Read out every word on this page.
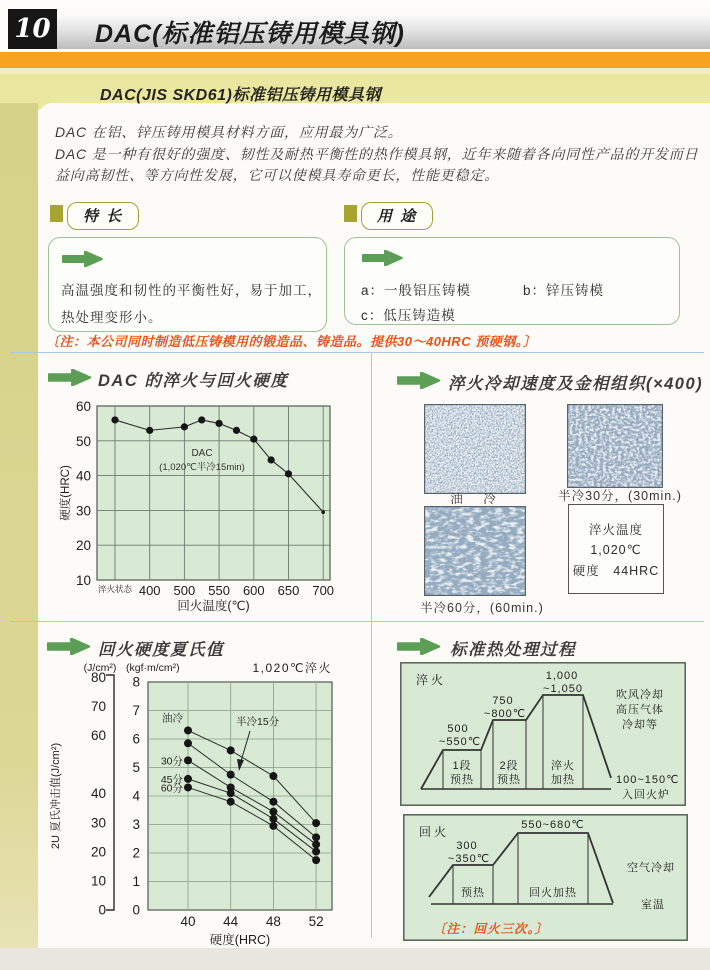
10 DAC(标准铝压铸用模具钢)
DAC(JIS SKD61)标准铝压铸用模具钢
DAC 在铝、锌压铸用模具材料方面，应用最为广泛。
DAC 是一种有很好的强度、韧性及耐热平衡性的热作模具钢，近年来随着各向同性产品的开发而日
益向高韧性、等方向性发展，它可以使模具寿命更长，性能更稳定。
特 长	用 途
高温强度和韧性的平衡性好，易于加工，
热处理变形小。
a：一般铝压铸模	b：锌压铸模
c：低压铸造模
〔注：本公司同时制造低压铸模用的锻造品、铸造品。提供30～40HRC 预硬钢。〕
DAC 的淬火与回火硬度	淬火冷却速度及金相组织(×400)
回火硬度夏氏值	标准热处理过程
10
20
30
40
50
60
淬火状态 400 500 550 600 650 700
DAC
(1,020℃半冷15min)
硬度(HRC)
回火温度(℃)
油　冷	半冷30分，(30min.)
半冷60分，(60min.)
淬火温度
1,020℃
硬度　44HRC
40 44 48 52
0
1
2
3
4
5
6
7
8
0
10
20
30
40
60
70
80
油冷	半冷15分
30分
45分
60分
(J/cm²) (kgf·m/cm²)	1,020℃淬火
2U 夏氏冲击值(J/cm²)
硬度(HRC)
淬火
500
~550℃
1段
预热
750
~800℃
2段
预热
1,000
~1,050
淬火
加热
吹风冷却
高压气体
冷却等
100~150℃
入回火炉
回火
300
~350℃
预热
550~680℃
回火加热
空气冷却
室温
〔注：回火三次。〕
